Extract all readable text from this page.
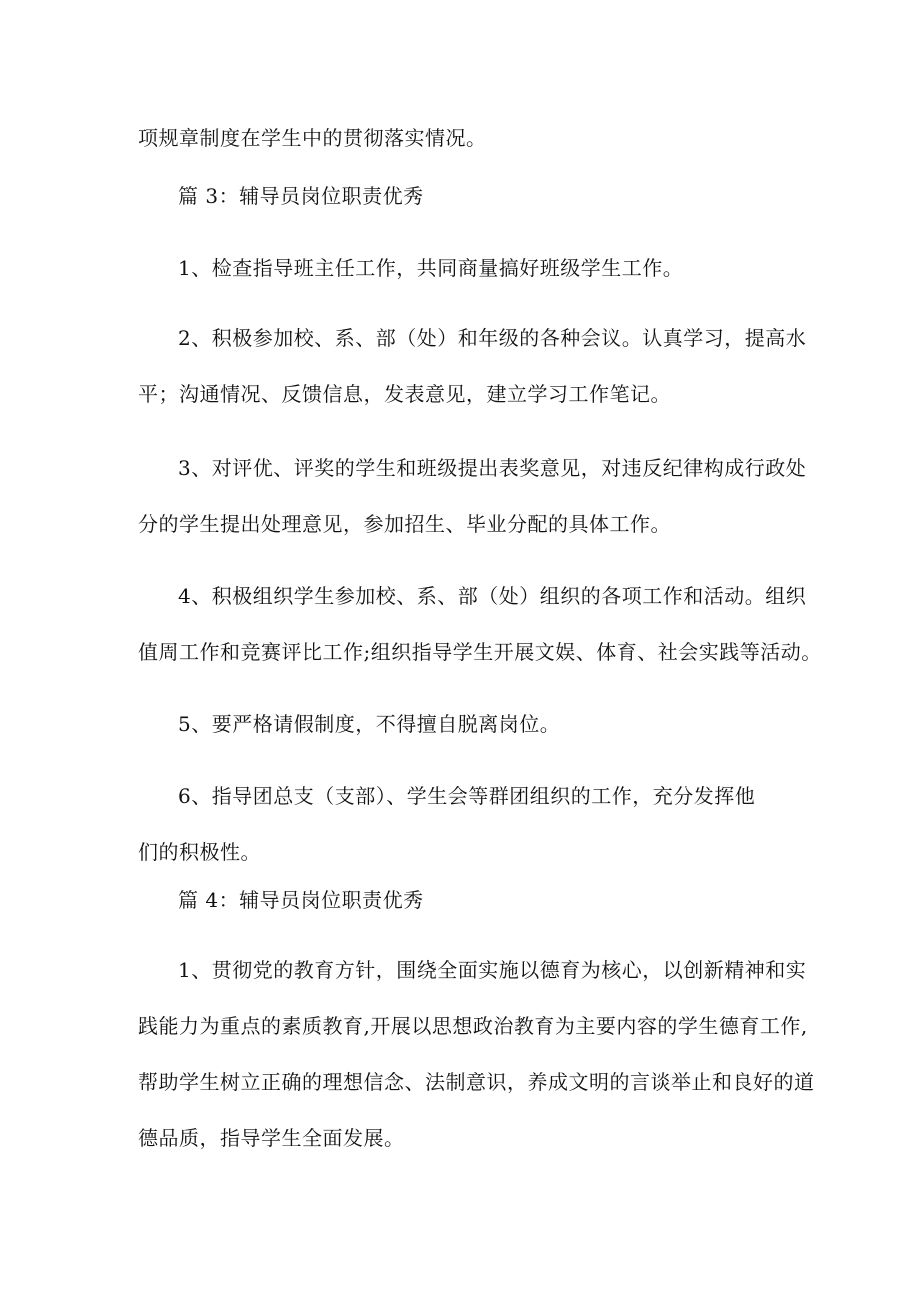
项规章制度在学生中的贯彻落实情况。

篇 3：辅导员岗位职责优秀

1、检查指导班主任工作，共同商量搞好班级学生工作。

2、积极参加校、系、部（处）和年级的各种会议。认真学习，提高水

平；沟通情况、反馈信息，发表意见，建立学习工作笔记。

3、对评优、评奖的学生和班级提出表奖意见，对违反纪律构成行政处

分的学生提出处理意见，参加招生、毕业分配的具体工作。

4、积极组织学生参加校、系、部（处）组织的各项工作和活动。组织

值周工作和竞赛评比工作;组织指导学生开展文娱、体育、社会实践等活动。

5、要严格请假制度，不得擅自脱离岗位。

6、指导团总支（支部）、学生会等群团组织的工作，充分发挥他

们的积极性。

篇 4：辅导员岗位职责优秀

1、贯彻党的教育方针，围绕全面实施以德育为核心，以创新精神和实

践能力为重点的素质教育,开展以思想政治教育为主要内容的学生德育工作,

帮助学生树立正确的理想信念、法制意识，养成文明的言谈举止和良好的道

德品质，指导学生全面发展。
